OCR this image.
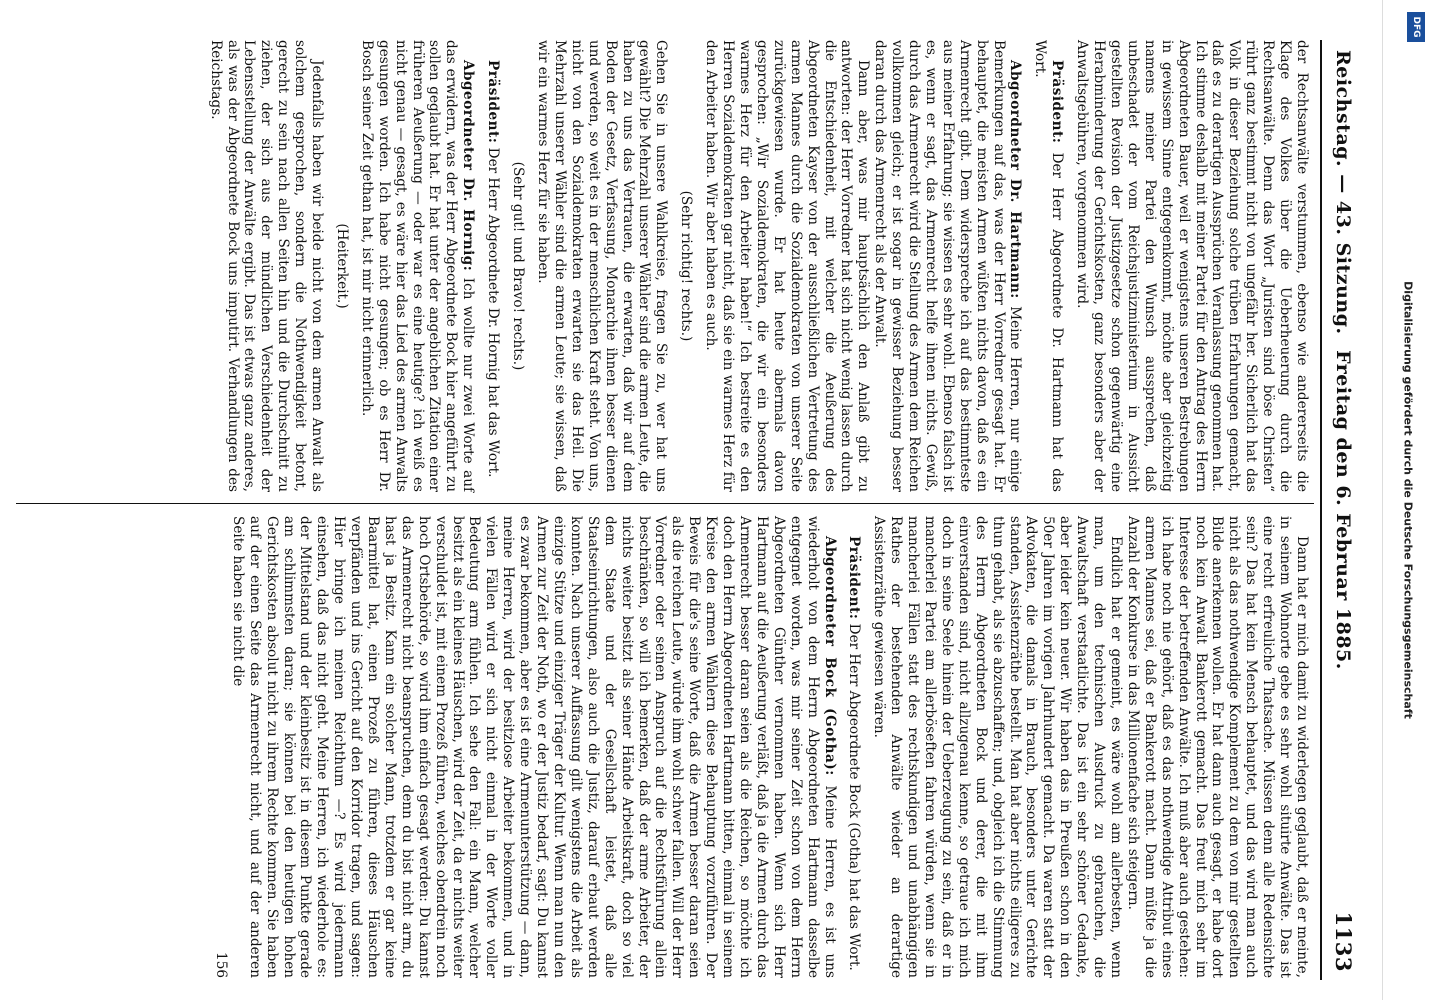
Reichstag. — 43. Sitzung.
Freitag den 6. Februar 1885.
1133

der Rechtsanwälte verstummen, ebenso wie andererseits die Klage des Volkes über die Ueberheuerung durch die Rechtsanwälte. Denn das Wort „Juristen sind böse Christen“ rührt ganz bestimmt nicht von ungefähr her. Sicherlich hat das Volk in dieser Beziehung solche trüben Erfahrungen gemacht, daß es zu derartigen Aussprüchen Veranlassung genommen hat. Ich stimme deshalb mit meiner Partei für den Antrag des Herrn Abgeordneten Bauer, weil er wenigstens unseren Bestrebungen in gewissem Sinne entgegenkommt, möchte aber gleichzeitig namens meiner Partei den Wunsch aussprechen, daß unbeschadet der vom Reichsjustizministerium in Aussicht gestellten Revision der Justizgesetze schon gegenwärtig eine Herabminderung der Gerichtskosten, ganz besonders aber der Anwaltsgebühren, vorgenommen wird.

Präsident: Der Herr Abgeordnete Dr. Hartmann hat das Wort.

Abgeordneter Dr. Hartmann: Meine Herren, nur einige Bemerkungen auf das, was der Herr Vorredner gesagt hat. Er behauptet, die meisten Armen wüßten nichts davon, daß es ein Armenrecht gibt. Dem widerspreche ich auf das bestimmteste aus meiner Erfahrung; sie wissen es sehr wohl. Ebenso falsch ist es, wenn er sagt, das Armenrecht helfe ihnen nichts. Gewiß, durch das Armenrecht wird die Stellung des Armen dem Reichen vollkommen gleich; er ist sogar in gewisser Beziehung besser daran durch das Armenrecht als der Anwalt.

Dann aber, was mir hauptsächlich den Anlaß gibt zu antworten: der Herr Vorredner hat sich nicht wenig lassen durch die Entschiedenheit, mit welcher die Aeußerung des Abgeordneten Kayser von der ausschließlichen Vertretung des armen Mannes durch die Sozialdemokraten von unserer Seite zurückgewiesen wurde. Er hat heute abermals davon gesprochen: „Wir Sozialdemokraten, die wir ein besonders warmes Herz für den Arbeiter haben!“ Ich bestreite es den Herren Sozialdemokraten gar nicht, daß sie ein warmes Herz für den Arbeiter haben. Wir aber haben es auch.

(Sehr richtig! rechts.)

Gehen Sie in unsere Wahlkreise, fragen Sie zu, wer hat uns gewählt? Die Mehrzahl unserer Wähler sind die armen Leute, die haben zu uns das Vertrauen, die erwarten, daß wir auf dem Boden der Gesetz, Verfassung, Monarchie ihnen besser dienen und werden, so weit es in der menschlichen Kraft steht. Von uns, nicht von den Sozialdemokraten erwarten sie das Heil. Die Mehrzahl unserer Wähler sind die armen Leute; sie wissen, daß wir ein warmes Herz für sie haben.

(Sehr gut! und Bravo! rechts.)

Präsident: Der Herr Abgeordnete Dr. Hornig hat das Wort.

Abgeordneter Dr. Hornig: Ich wollte nur zwei Worte auf das erwidern, was der Herr Abgeordnete Bock hier angeführt zu sollen geglaubt hat. Er hat unter der angeblichen Zitation einer früheren Aeußerung — oder war es eine heutige? ich weiß es nicht genau — gesagt, es wäre hier das Lied des armen Anwalts gesungen worden. Ich habe nicht gesungen; ob es Herr Dr. Bosch seiner Zeit gethan hat, ist mir nicht erinnerlich.

(Heiterkeit.)

Jedenfalls haben wir beide nicht von dem armen Anwalt als solchem gesprochen, sondern die Nothwendigkeit betont, gerecht zu sein nach allen Seiten hin und die Durchschnitt zu ziehen, der sich aus der mündlichen Verschiedenheit der Lebensstellung der Anwälte ergibt. Das ist etwas ganz anderes, als was der Abgeordnete Bock uns imputirt. Verhandlungen des Reichstags.

Dann hat er mich damit zu widerlegen geglaubt, daß er meinte, in seinem Wohnorte gebe es sehr wohl situirte Anwälte. Das ist eine recht erfreuliche Thatsache. Müssen denn alle Redensichte sein? Das hat kein Mensch behauptet, und das wird man auch nicht als das nothwendige Komplement zu dem von mir gestellten Bilde anerkennen wollen. Er hat dann auch gesagt, er habe dort noch kein Anwalt Bankerott gemacht. Das freut mich sehr im Interesse der betreffenden Anwälte. Ich muß aber auch gestehen: ich habe noch nie gehört, daß es das nothwendige Attribut eines armen Mannes sei, daß er Bankerott macht. Dann müßte ja die Anzahl der Konkurse in das Millionenfache sich steigern.

Endlich hat er gemeint, es wäre wohl am allerbesten, wenn man, um den technischen Ausdruck zu gebrauchen, die Anwaltschaft verstaatlichte. Das ist ein sehr schöner Gedanke, aber leider kein neuer. Wir haben das in Preußen schon in den 50er Jahren im vorigen Jahrhundert gemacht. Da waren statt der Advokaten, die damals in Brauch, besonders unter Gerichte standen, Assistenzräthe bestellt. Man hat aber nichts eiligeres zu thun gehabt, als sie abzuschaffen; und, obgleich ich die Stimmung des Herrn Abgeordneten Bock und derer, die mit ihm einverstanden sind, nicht allzugenau kenne, so getraue ich mich doch in seine Seele hinein der Ueberzeugung zu sein, daß er in mancherlei Partei am allerböseften fahren würden, wenn sie in mancherlei Fällen statt des rechtskundigen und unabhängigen Rathes der bestehenden Anwälte wieder an derartige Assistenzräthe gewiesen wären.

Präsident: Der Herr Abgeordnete Bock (Gotha) hat das Wort.

Abgeordneter Bock (Gotha): Meine Herren, es ist uns wiederholt von dem Herrn Abgeordneten Hartmann dasselbe entgegnet worden, was mir seiner Zeit schon von dem Herrn Abgeordneten Günther vernommen haben. Wenn sich Herr Hartmann auf die Aeußerung verläßt, daß ja die Armen durch das Armenrecht besser daran seien als die Reichen, so möchte ich doch den Herrn Abgeordneten Hartmann bitten, einmal in seinem Kreise den armen Wählern diese Behauptung vorzuführen. Der Beweis für die's seine Worte, daß die Armen besser daran seien als die reichen Leute, würde ihm wohl schwer fallen. Will der Herr Vorredner oder seinen Anspruch auf die Rechtsführung allein beschränken, so will ich bemerken, daß der arme Arbeiter, der nichts weiter besitzt als seiner Hände Arbeitskraft, doch so viel dem Staate und der Gesellschaft leistet, daß alle Staatseinrichtungen, also auch die Justiz, darauf erbaut werden konnten. Nach unserer Auffassung gilt wenigstens die Arbeit als einzige Stütze und einziger Träger der Kultur. Wenn man nun den Armen zur Zeit der Noth, wo er der Justiz bedarf, sagt: Du kannst es zwar bekommen, aber es ist eine Armenunterstützung — dann, meine Herren, wird der besitzlose Arbeiter bekommen, und in vielen Fällen wird er sich nicht einmal in der Worte voller Bedeutung arm fühlen. Ich sehe den Fall: ein Mann, welcher besitzt als ein kleines Häuschen, wird der Zeit, da er nichts weiter verschuldet ist, mit einem Prozeß führen, welches obendrein noch hoch Ortsbehörde, so wird ihm einfach gesagt werden: Du kannst das Armenrecht nicht beanspruchen, denn du bist nicht arm, du hast ja Besitz. Kann ein solcher Mann, trotzdem er gar keine Baarmittel hat, einen Prozeß zu führen, dieses Häuschen verpfänden und ins Gericht auf den Korridor tragen, und sagen: Hier bringe ich meinen Reichthum —? Es wird jedermann einsehen, daß das nicht geht. Meine Herren, ich wiederhole es: der Mittelstand und der kleinbesitz ist in diesem Punkte gerade am schlimmsten daran; sie können bei den heutigen hohen Gerichtskosten absolut nicht zu ihrem Rechte kommen. Sie haben auf der einen Seite das Armenrecht nicht, und auf der anderen Seite haben sie nicht die

156

Digitalisierung gefördert durch die Deutsche Forschungsgemeinschaft
DFG
